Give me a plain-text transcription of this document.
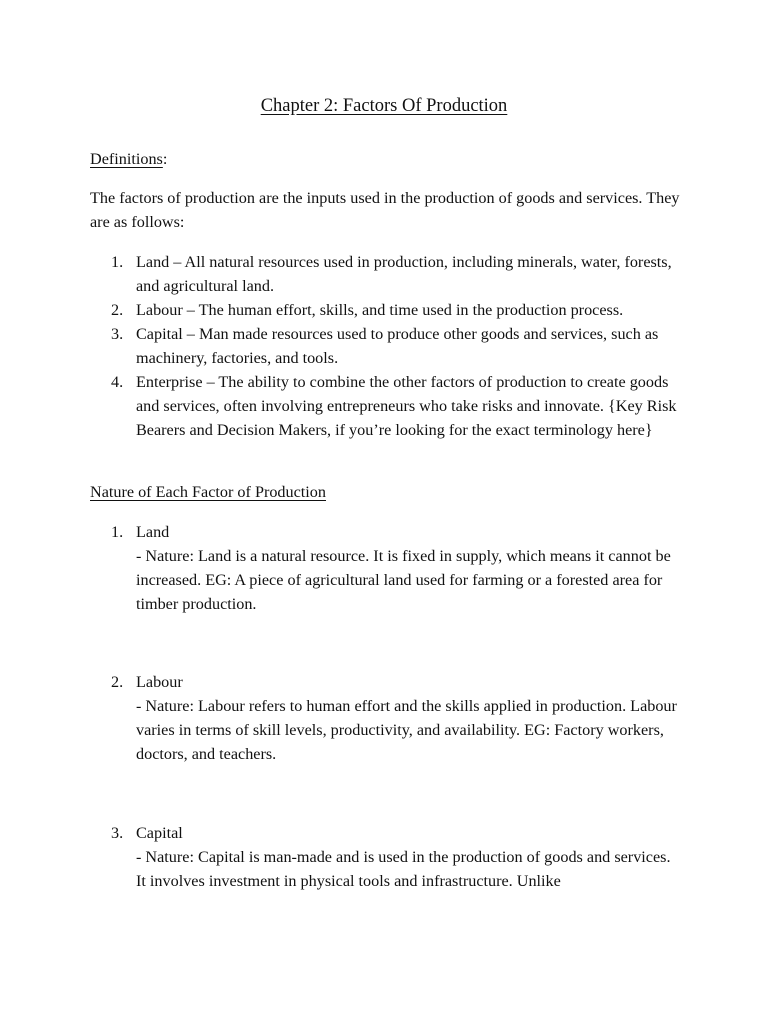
Chapter 2: Factors Of Production
Definitions:
The factors of production are the inputs used in the production of goods and services. They are as follows:
1. Land – All natural resources used in production, including minerals, water, forests, and agricultural land.
2. Labour – The human effort, skills, and time used in the production process.
3. Capital – Man made resources used to produce other goods and services, such as machinery, factories, and tools.
4. Enterprise – The ability to combine the other factors of production to create goods and services, often involving entrepreneurs who take risks and innovate. {Key Risk Bearers and Decision Makers, if you’re looking for the exact terminology here}
Nature of Each Factor of Production
1. Land
- Nature: Land is a natural resource. It is fixed in supply, which means it cannot be increased. EG: A piece of agricultural land used for farming or a forested area for timber production.
2. Labour
- Nature: Labour refers to human effort and the skills applied in production. Labour varies in terms of skill levels, productivity, and availability. EG: Factory workers, doctors, and teachers.
3. Capital
- Nature: Capital is man-made and is used in the production of goods and services. It involves investment in physical tools and infrastructure. Unlike
